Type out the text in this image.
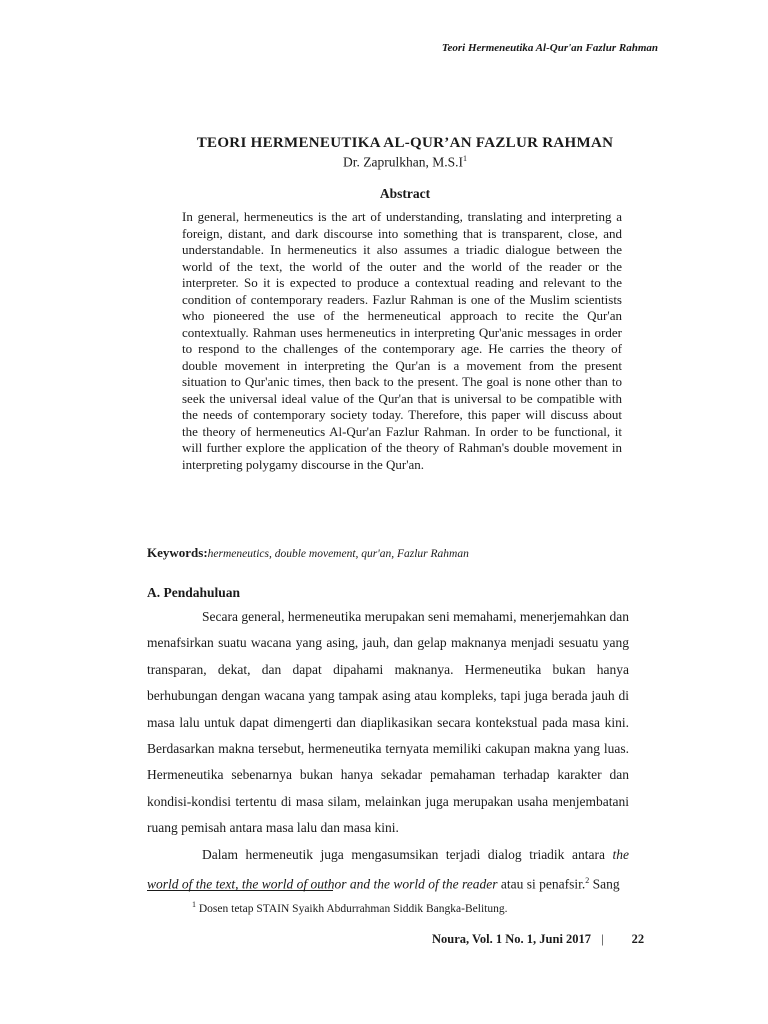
Teori Hermeneutika Al-Qur'an Fazlur Rahman
TEORI HERMENEUTIKA AL-QUR’AN FAZLUR RAHMAN
Dr. Zaprulkhan, $M.S.I^1$
Abstract
In general, hermeneutics is the art of understanding, translating and interpreting a foreign, distant, and dark discourse into something that is transparent, close, and understandable. In hermeneutics it also assumes a triadic dialogue between the world of the text, the world of the outer and the world of the reader or the interpreter. So it is expected to produce a contextual reading and relevant to the condition of contemporary readers. Fazlur Rahman is one of the Muslim scientists who pioneered the use of the hermeneutical approach to recite the Qur'an contextually. Rahman uses hermeneutics in interpreting Qur'anic messages in order to respond to the challenges of the contemporary age. He carries the theory of double movement in interpreting the Qur'an is a movement from the present situation to Qur'anic times, then back to the present. The goal is none other than to seek the universal ideal value of the Qur'an that is universal to be compatible with the needs of contemporary society today. Therefore, this paper will discuss about the theory of hermeneutics Al-Qur'an Fazlur Rahman. In order to be functional, it will further explore the application of the theory of Rahman's double movement in interpreting polygamy discourse in the Qur'an.
Keywords:hermeneutics, double movement, qur'an, Fazlur Rahman
A. Pendahuluan

Secara general, hermeneutika merupakan seni memahami, menerjemahkan dan menafsirkan suatu wacana yang asing, jauh, dan gelap maknanya menjadi sesuatu yang transparan, dekat, dan dapat dipahami maknanya. Hermeneutika bukan hanya berhubungan dengan wacana yang tampak asing atau kompleks, tapi juga berada jauh di masa lalu untuk dapat dimengerti dan diaplikasikan secara kontekstual pada masa kini. Berdasarkan makna tersebut, hermeneutika ternyata memiliki cakupan makna yang luas. Hermeneutika sebenarnya bukan hanya sekadar pemahaman terhadap karakter dan kondisi-kondisi tertentu di masa silam, melainkan juga merupakan usaha menjembatani ruang pemisah antara masa lalu dan masa kini.

Dalam hermeneutik juga mengasumsikan terjadi dialog triadik antara the world of the text, the world of outhor and the world of the reader atau si penafsir.$^2$ Sang

$^1$ Dosen tetap STAIN Syaikh Abdurrahman Siddik Bangka-Belitung.
Noura, Vol. 1 No. 1, Juni 2017 | 22
